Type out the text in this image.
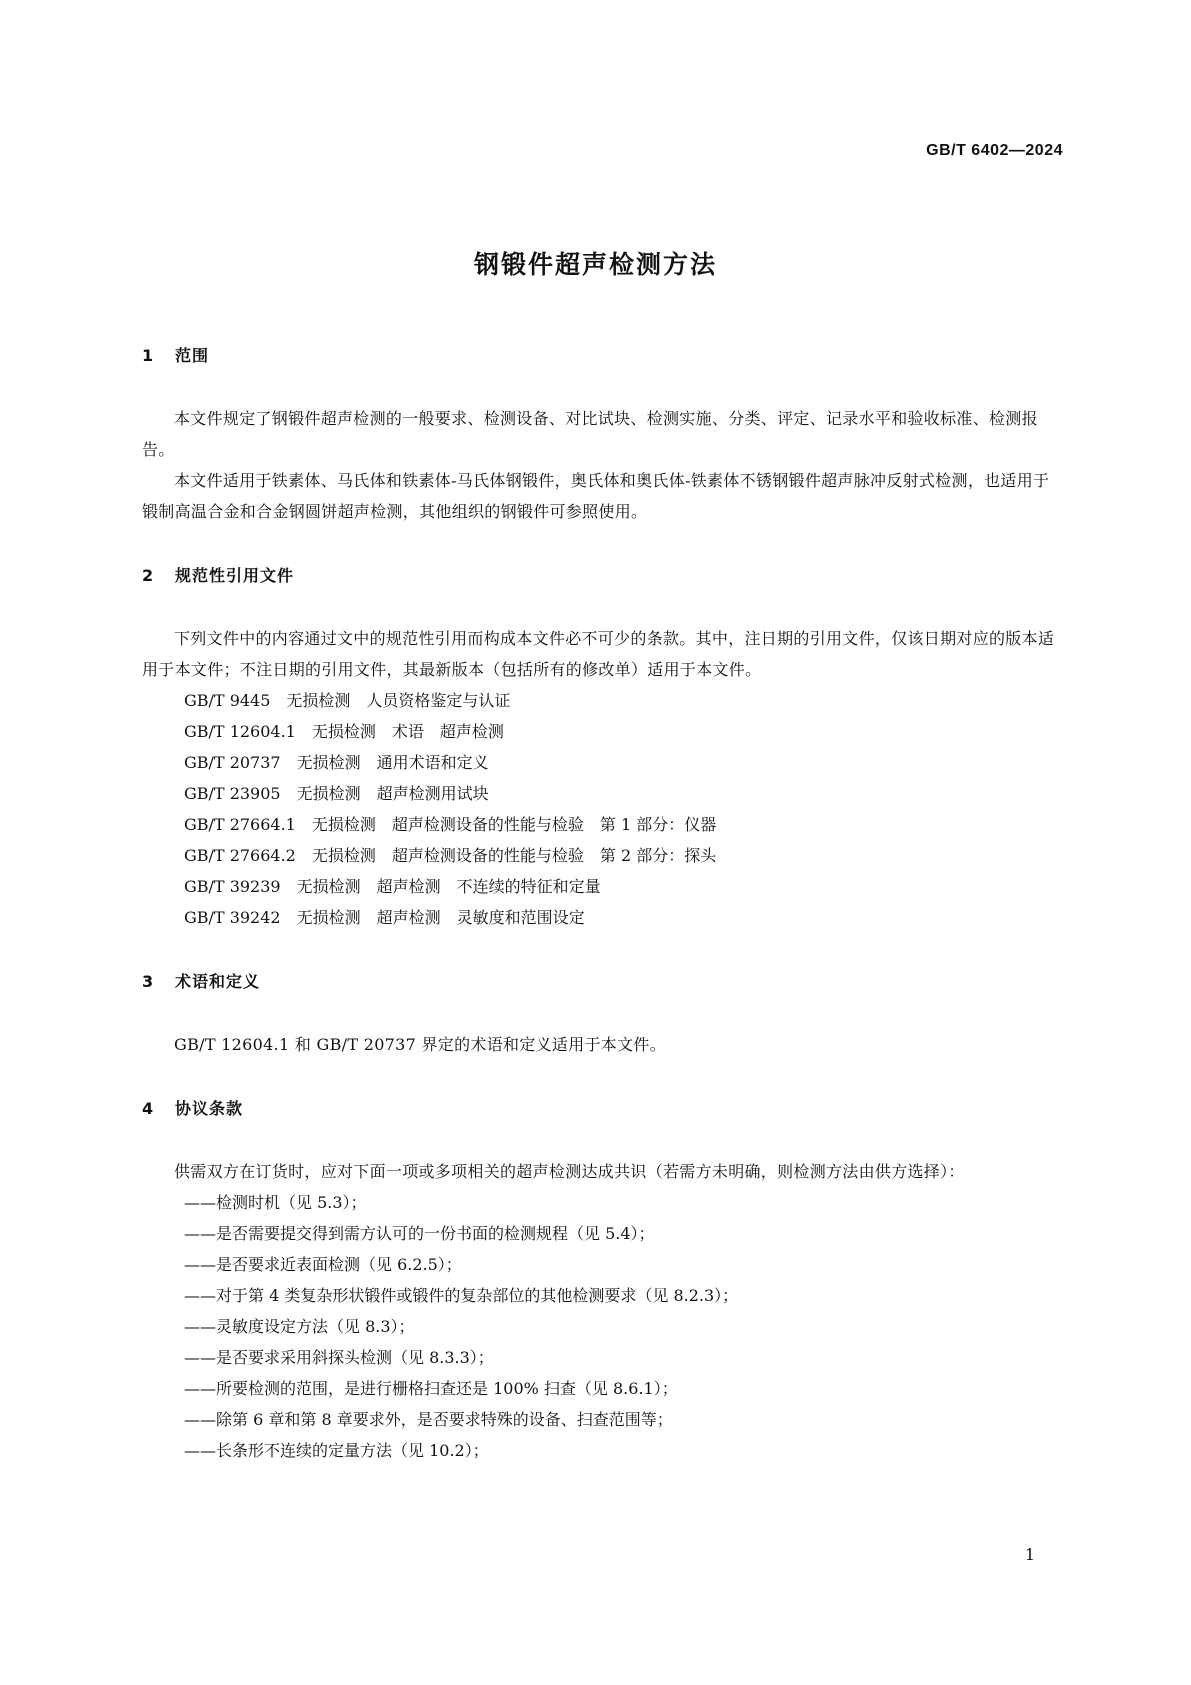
GB/T 6402—2024
钢锻件超声检测方法
1 范围

本文件规定了钢锻件超声检测的一般要求、检测设备、对比试块、检测实施、分类、评定、记录水平和验收标准、检测报告。

本文件适用于铁素体、马氏体和铁素体-马氏体钢锻件，奥氏体和奥氏体-铁素体不锈钢锻件超声脉冲反射式检测，也适用于锻制高温合金和合金钢圆饼超声检测，其他组织的钢锻件可参照使用。

2 规范性引用文件

下列文件中的内容通过文中的规范性引用而构成本文件必不可少的条款。其中，注日期的引用文件，仅该日期对应的版本适用于本文件；不注日期的引用文件，其最新版本（包括所有的修改单）适用于本文件。

GB/T 9445　无损检测　人员资格鉴定与认证

GB/T 12604.1　无损检测　术语　超声检测

GB/T 20737　无损检测　通用术语和定义

GB/T 23905　无损检测　超声检测用试块

GB/T 27664.1　无损检测　超声检测设备的性能与检验　第 1 部分：仪器

GB/T 27664.2　无损检测　超声检测设备的性能与检验　第 2 部分：探头

GB/T 39239　无损检测　超声检测　不连续的特征和定量

GB/T 39242　无损检测　超声检测　灵敏度和范围设定

3 术语和定义

GB/T 12604.1 和 GB/T 20737 界定的术语和定义适用于本文件。

4 协议条款

供需双方在订货时，应对下面一项或多项相关的超声检测达成共识（若需方未明确，则检测方法由供方选择）：

——检测时机（见 5.3）；

——是否需要提交得到需方认可的一份书面的检测规程（见 5.4）；

——是否要求近表面检测（见 6.2.5）；

——对于第 4 类复杂形状锻件或锻件的复杂部位的其他检测要求（见 8.2.3）；

——灵敏度设定方法（见 8.3）；

——是否要求采用斜探头检测（见 8.3.3）；

——所要检测的范围，是进行栅格扫查还是 100% 扫查（见 8.6.1）；

——除第 6 章和第 8 章要求外，是否要求特殊的设备、扫查范围等；

——长条形不连续的定量方法（见 10.2）；

1
